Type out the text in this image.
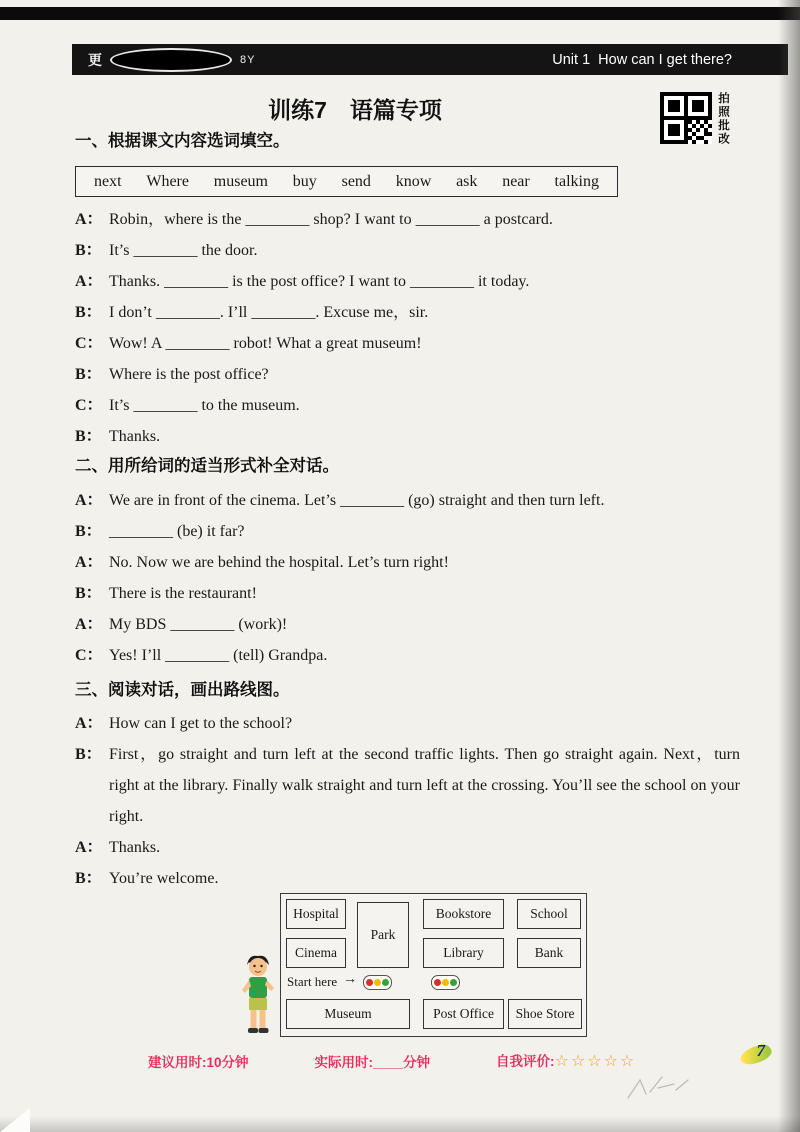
更	8Y	Unit 1  How can I get there?
训练7　语篇专项	拍照批改
一、根据课文内容选词填空。
next Where museum buy send know ask near talking
A： Robin，where is the ________ shop? I want to ________ a postcard.
B： It’s ________ the door.
A： Thanks. ________ is the post office? I want to ________ it today.
B： I don’t ________. I’ll ________. Excuse me，sir.
C： Wow! A ________ robot! What a great museum!
B： Where is the post office?
C： It’s ________ to the museum.
B： Thanks.
二、用所给词的适当形式补全对话。
A： We are in front of the cinema. Let’s ________ (go) straight and then turn left.
B： ________ (be) it far?
A： No. Now we are behind the hospital. Let’s turn right!
B： There is the restaurant!
A： My BDS ________ (work)!
C： Yes! I’ll ________ (tell) Grandpa.
三、阅读对话，画出路线图。
A： How can I get to the school?
B： First，go straight and turn left at the second traffic lights. Then go straight again. Next，turn right at the library. Finally walk straight and turn left at the crossing. You’ll see the school on your right.
A： Thanks.
B： You’re welcome.
Hospital
Park
Bookstore	School
Cinema	Library	Bank
Start here →
Museum	Post Office	Shoe Store
建议用时:10分钟	实际用时:____分钟	自我评价:☆☆☆☆☆
7
